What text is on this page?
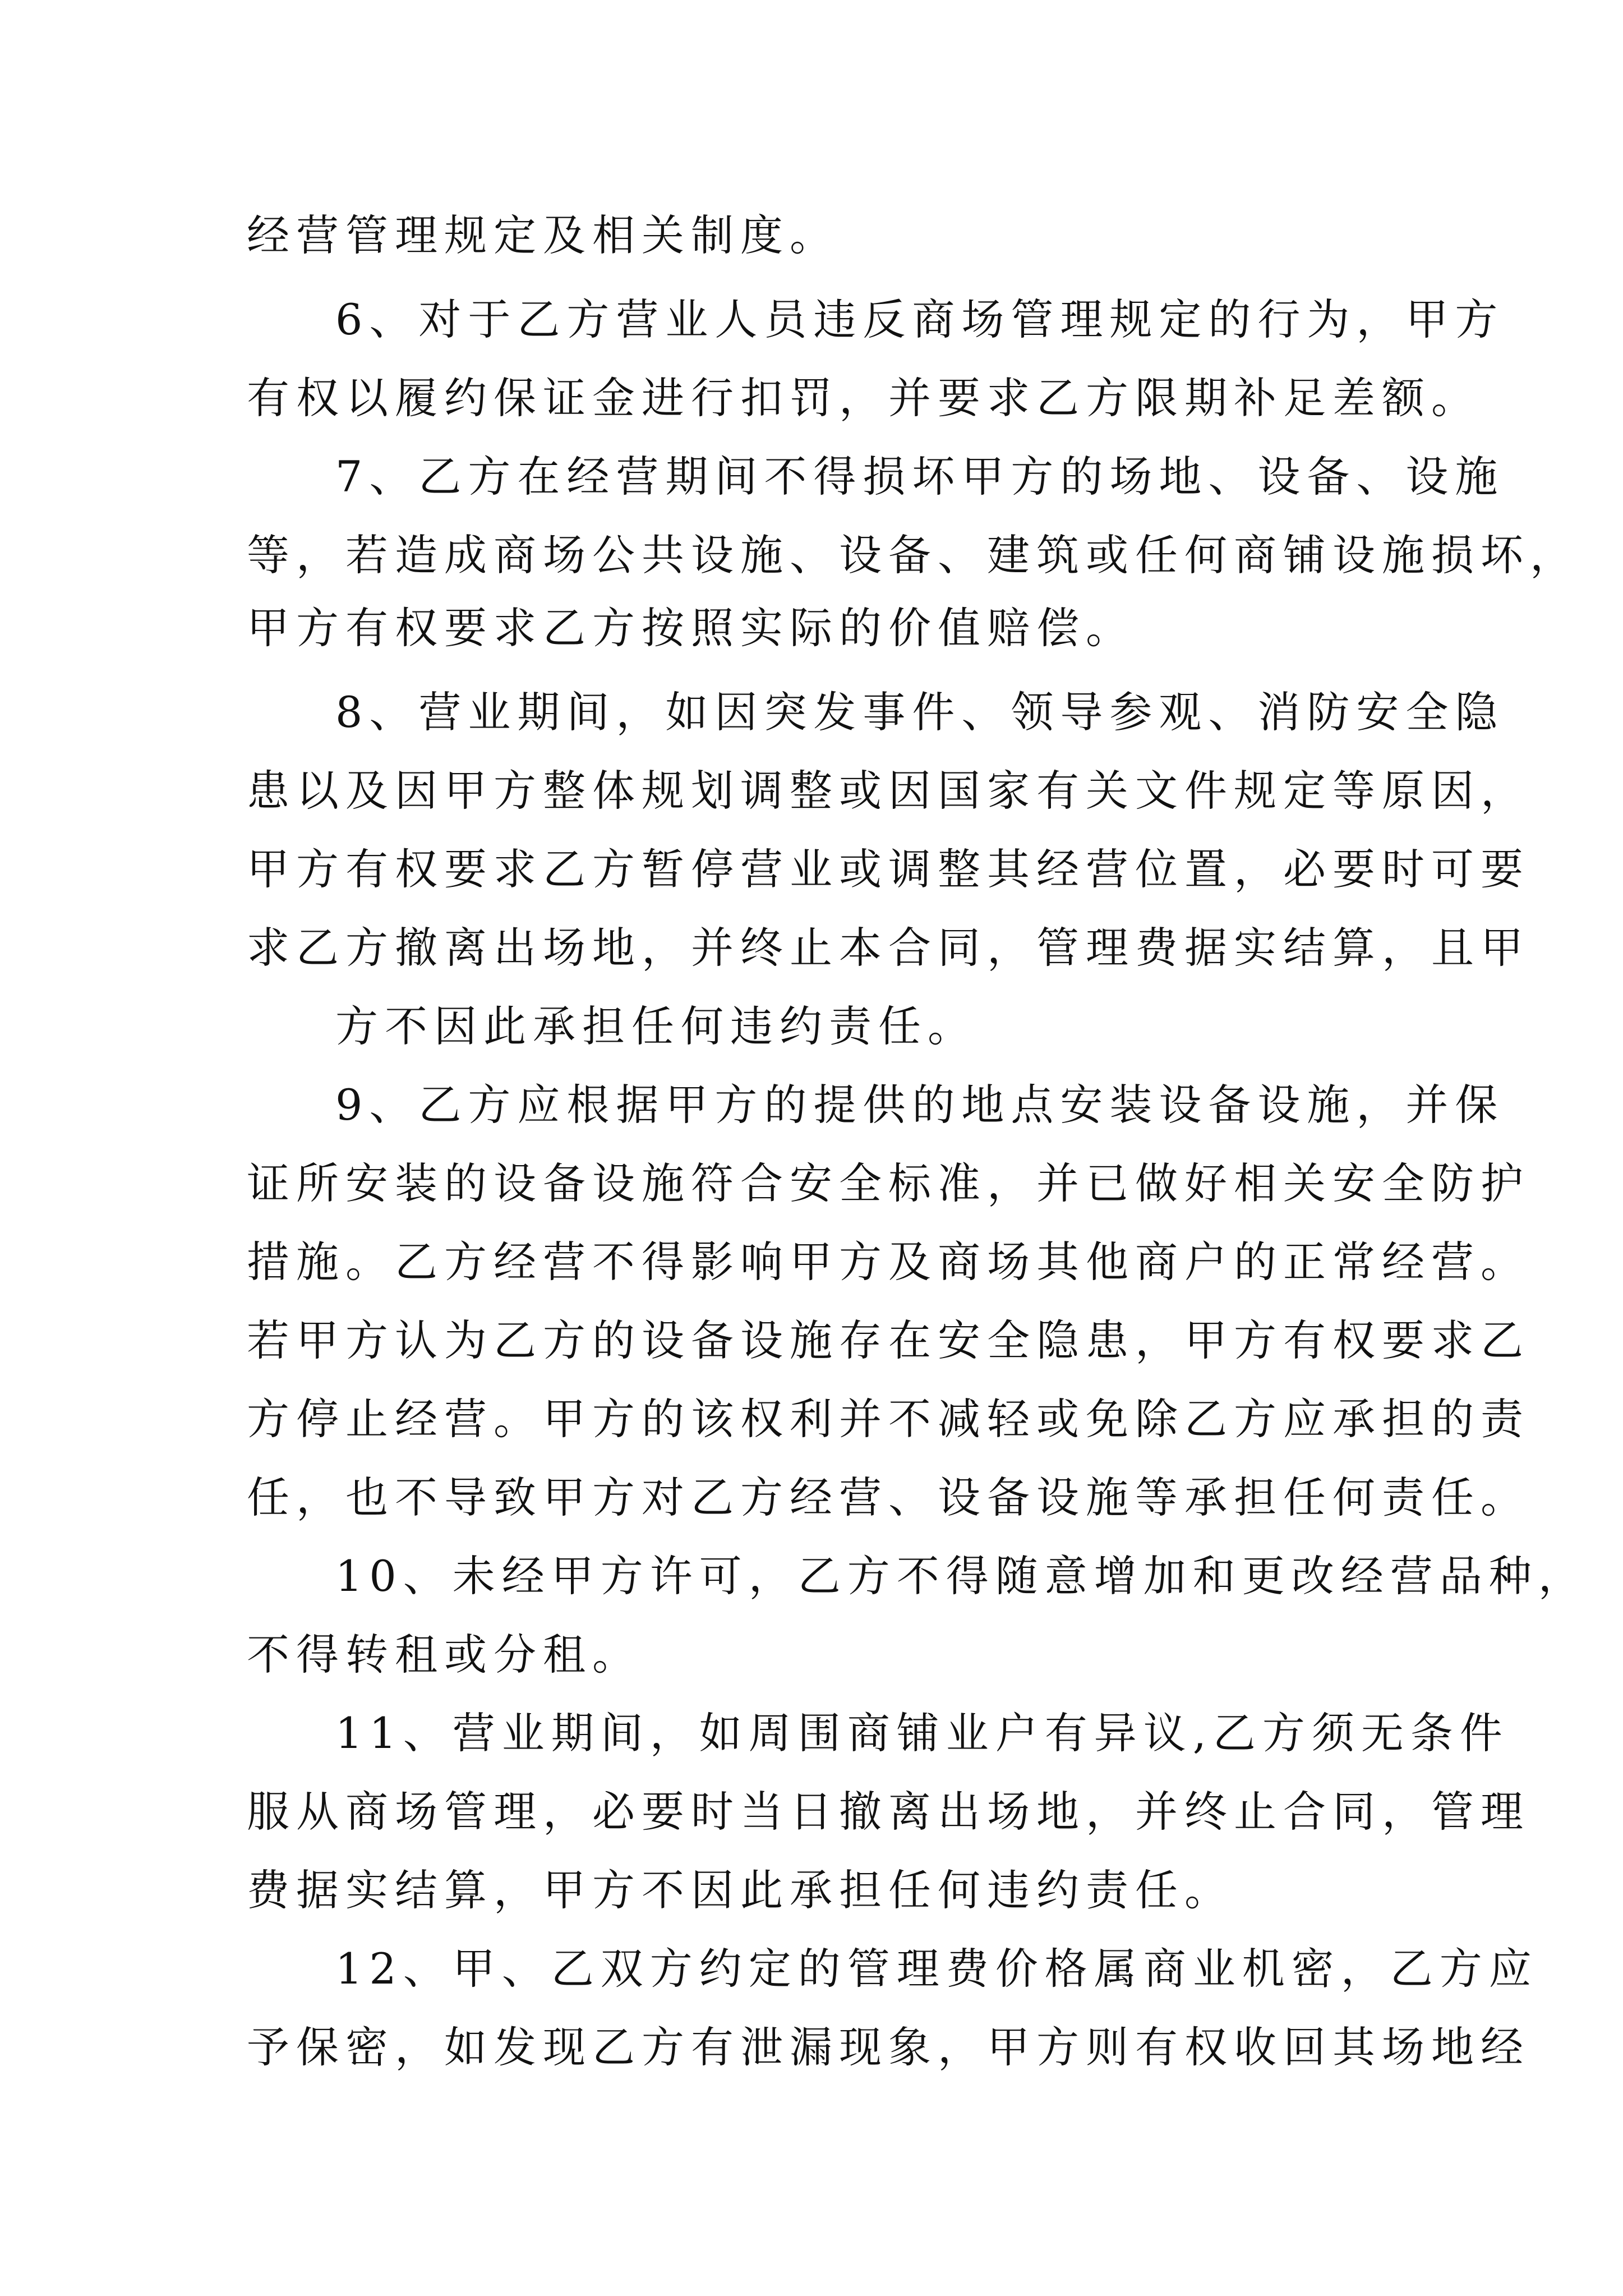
经营管理规定及相关制度。
6、对于乙方营业人员违反商场管理规定的行为，甲方
有权以履约保证金进行扣罚，并要求乙方限期补足差额。
7、乙方在经营期间不得损坏甲方的场地、设备、设施
等，若造成商场公共设施、设备、建筑或任何商铺设施损坏，
甲方有权要求乙方按照实际的价值赔偿。
8、营业期间，如因突发事件、领导参观、消防安全隐
患以及因甲方整体规划调整或因国家有关文件规定等原因，
甲方有权要求乙方暂停营业或调整其经营位置，必要时可要
求乙方撤离出场地，并终止本合同，管理费据实结算，且甲
方不因此承担任何违约责任。
9、乙方应根据甲方的提供的地点安装设备设施，并保
证所安装的设备设施符合安全标准，并已做好相关安全防护
措施。乙方经营不得影响甲方及商场其他商户的正常经营。
若甲方认为乙方的设备设施存在安全隐患，甲方有权要求乙
方停止经营。甲方的该权利并不减轻或免除乙方应承担的责
任，也不导致甲方对乙方经营、设备设施等承担任何责任。
10、未经甲方许可，乙方不得随意增加和更改经营品种，
不得转租或分租。
11、营业期间，如周围商铺业户有异议,乙方须无条件
服从商场管理，必要时当日撤离出场地，并终止合同，管理
费据实结算，甲方不因此承担任何违约责任。
12、甲、乙双方约定的管理费价格属商业机密，乙方应
予保密，如发现乙方有泄漏现象，甲方则有权收回其场地经
